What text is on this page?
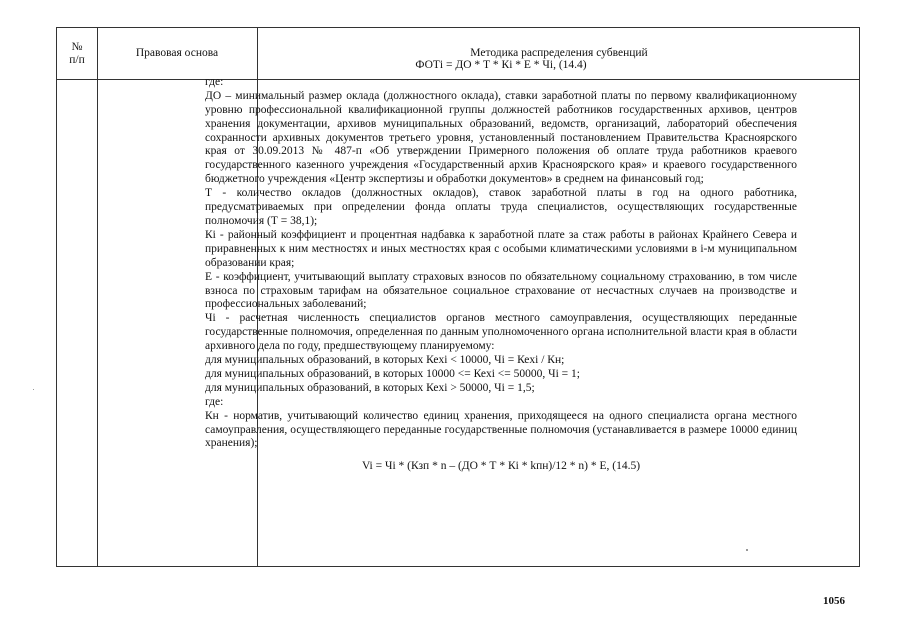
№
п/п
Правовая основа	Методика распределения субвенций

ФОТi = ДО * Т * Кi * Е * Чi, (14.4)

где:

ДО – минимальный размер оклада (должностного оклада), ставки заработной платы по первому квалификационному уровню профессиональной квалификационной группы должностей работников государственных архивов, центров хранения документации, архивов муниципальных образований, ведомств, организаций, лабораторий обеспечения сохранности архивных документов третьего уровня, установленный постановлением Правительства Красноярского края от 30.09.2013 № 487-п «Об утверждении Примерного положения об оплате труда работников краевого государственного казенного учреждения «Государственный архив Красноярского края» и краевого государственного бюджетного учреждения «Центр экспертизы и обработки документов» в среднем на финансовый год;

Т - количество окладов (должностных окладов), ставок заработной платы в год на одного работника, предусматриваемых при определении фонда оплаты труда специалистов, осуществляющих государственные полномочия (Т = 38,1);

Кi - районный коэффициент и процентная надбавка к заработной плате за стаж работы в районах Крайнего Севера и приравненных к ним местностях и иных местностях края с особыми климатическими условиями в i-м муниципальном образовании края;

Е - коэффициент, учитывающий выплату страховых взносов по обязательному социальному страхованию, в том числе взноса по страховым тарифам на обязательное социальное страхование от несчастных случаев на производстве и профессиональных заболеваний;

Чi - расчетная численность специалистов органов местного самоуправления, осуществляющих переданные государственные полномочия, определенная по данным уполномоченного органа исполнительной власти края в области архивного дела по году, предшествующему планируемому:

для муниципальных образований, в которых Кеxi < 10000, Чi = Кеxi / Кн;

для муниципальных образований, в которых 10000 <= Кеxi <= 50000, Чi = 1;

для муниципальных образований, в которых Кеxi > 50000, Чi = 1,5;

где:

Кн - норматив, учитывающий количество единиц хранения, приходящееся на одного специалиста органа местного самоуправления, осуществляющего переданные государственные полномочия (устанавливается в размере 10000 единиц хранения);

Vi = Чi * (Кзп * n – (ДО * Т * Кi * kпн)/12 * n) * Е, (14.5)

1056
